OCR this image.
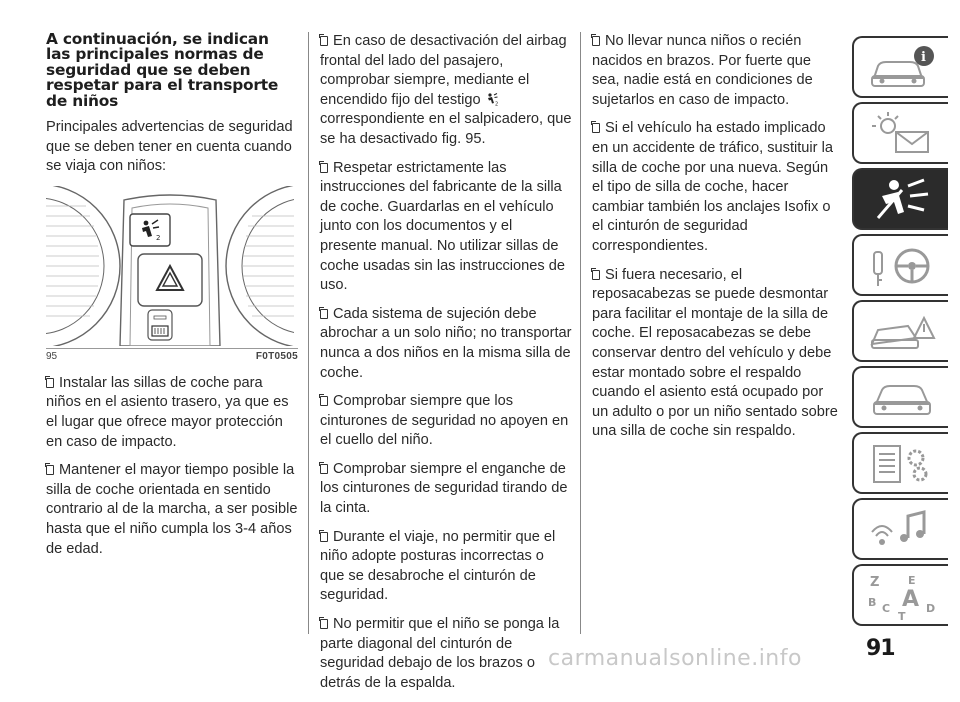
A continuación, se indican las principales normas de seguridad que se deben respetar para el transporte de niños
Principales advertencias de seguridad que se deben tener en cuenta cuando se viaja con niños:
2
95	F0T0505
Instalar las sillas de coche para niños en el asiento trasero, ya que es el lugar que ofrece mayor protección en caso de impacto.
Mantener el mayor tiempo posible la silla de coche orientada en sentido contrario al de la marcha, a ser posible hasta que el niño cumpla los 3-4 años de edad.
En caso de desactivación del airbag frontal del lado del pasajero, comprobar siempre, mediante el encendido fijo del testigo	2
correspondiente en el salpicadero, que se ha desactivado fig. 95.
Respetar estrictamente las instrucciones del fabricante de la silla de coche. Guardarlas en el vehículo junto con los documentos y el presente manual. No utilizar sillas de coche usadas sin las instrucciones de uso.
Cada sistema de sujeción debe abrochar a un solo niño; no transportar nunca a dos niños en la misma silla de coche.
Comprobar siempre que los cinturones de seguridad no apoyen en el cuello del niño.
Comprobar siempre el enganche de los cinturones de seguridad tirando de la cinta.
Durante el viaje, no permitir que el niño adopte posturas incorrectas o que se desabroche el cinturón de seguridad.
No permitir que el niño se ponga la parte diagonal del cinturón de seguridad debajo de los brazos o detrás de la espalda.
No llevar nunca niños o recién nacidos en brazos. Por fuerte que sea, nadie está en condiciones de sujetarlos en caso de impacto.
Si el vehículo ha estado implicado en un accidente de tráfico, sustituir la silla de coche por una nueva. Según el tipo de silla de coche, hacer cambiar también los anclajes Isofix o el cinturón de seguridad correspondientes.
Si fuera necesario, el reposacabezas se puede desmontar para facilitar el montaje de la silla de coche. El reposacabezas se debe conservar dentro del vehículo y debe estar montado sobre el respaldo cuando el asiento está ocupado por un adulto o por un niño sentado sobre una silla de coche sin respaldo.
i
Z	E
B C A D
T
91
carmanualsonline.info
